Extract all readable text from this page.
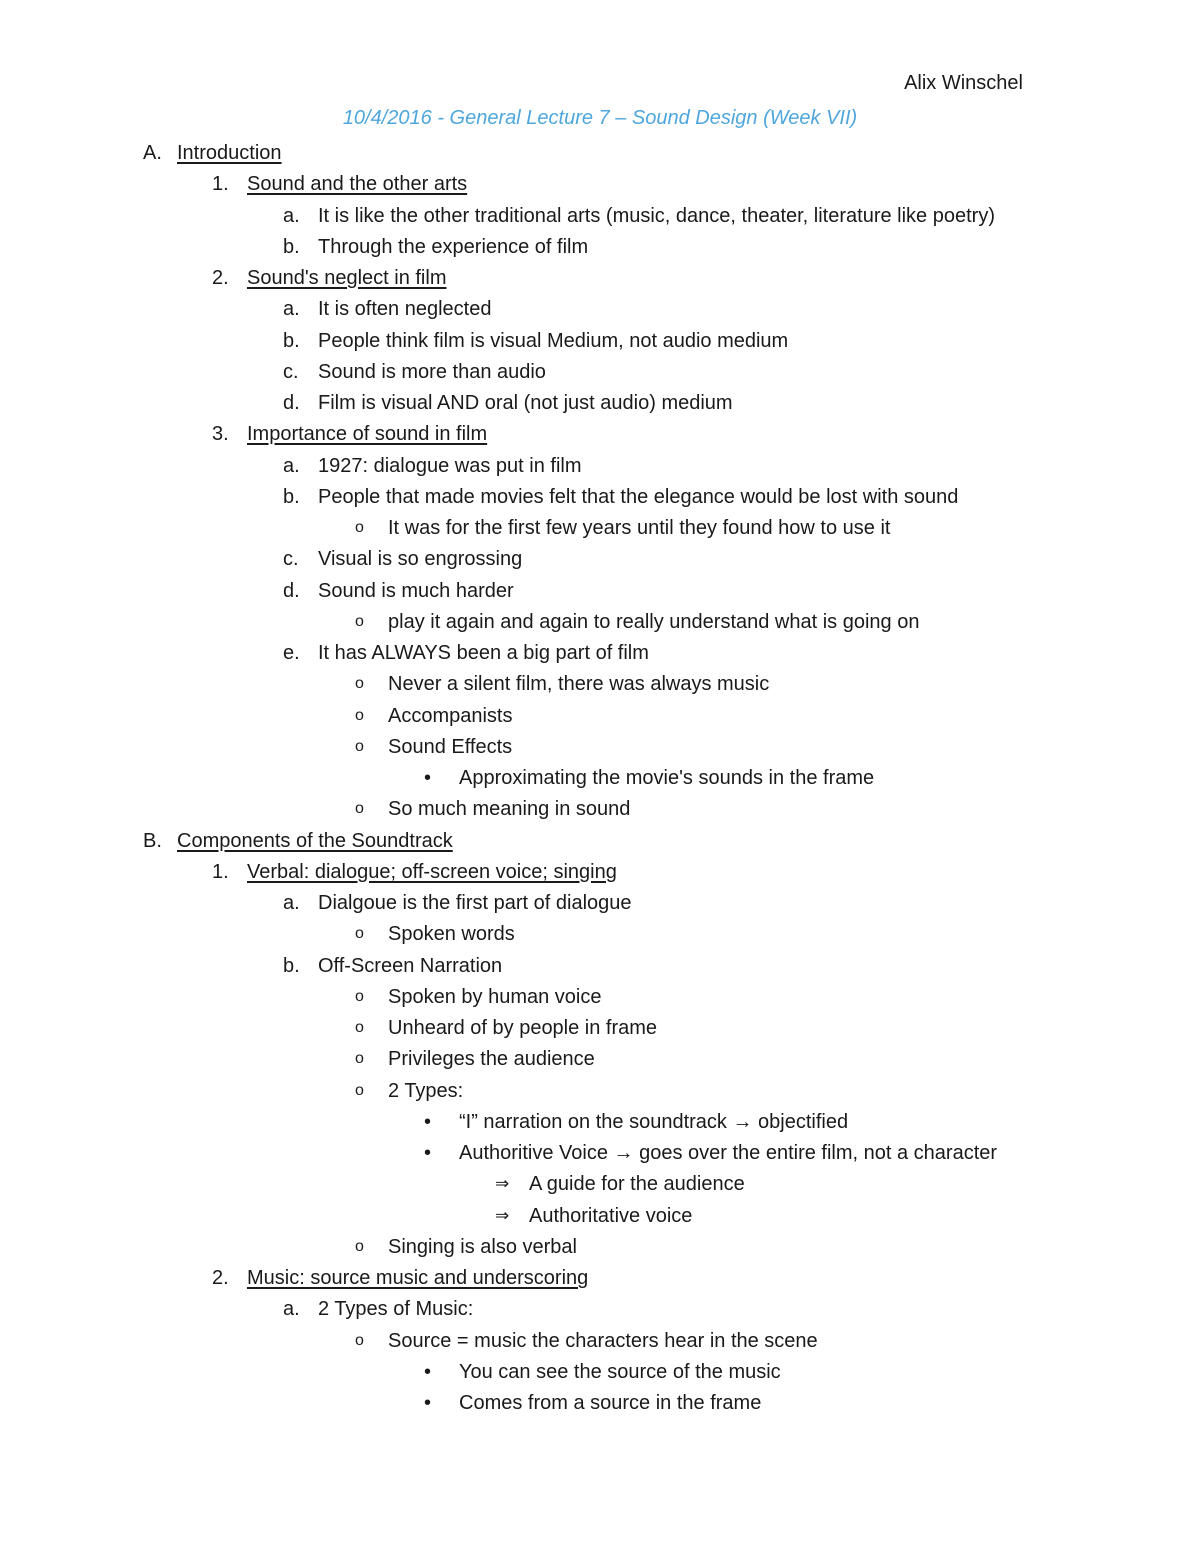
Alix Winschel
10/4/2016 - General Lecture 7 – Sound Design (Week VII)
A. Introduction
1. Sound and the other arts
a. It is like the other traditional arts (music, dance, theater, literature like poetry)
b. Through the experience of film
2. Sound's neglect in film
a. It is often neglected
b. People think film is visual Medium, not audio medium
c. Sound is more than audio
d. Film is visual AND oral (not just audio) medium
3. Importance of sound in film
a. 1927: dialogue was put in film
b. People that made movies felt that the elegance would be lost with sound
o It was for the first few years until they found how to use it
c. Visual is so engrossing
d. Sound is much harder
o play it again and again to really understand what is going on
e. It has ALWAYS been a big part of film
o Never a silent film, there was always music
o Accompanists
o Sound Effects
• Approximating the movie's sounds in the frame
o So much meaning in sound
B. Components of the Soundtrack
1. Verbal: dialogue; off-screen voice; singing
a. Dialgoue is the first part of dialogue
o Spoken words
b. Off-Screen Narration
o Spoken by human voice
o Unheard of by people in frame
o Privileges the audience
o 2 Types:
• “I” narration on the soundtrack → objectified
• Authoritive Voice → goes over the entire film, not a character
⇒ A guide for the audience
⇒ Authoritative voice
o Singing is also verbal
2. Music: source music and underscoring
a. 2 Types of Music:
o Source = music the characters hear in the scene
• You can see the source of the music
• Comes from a source in the frame
